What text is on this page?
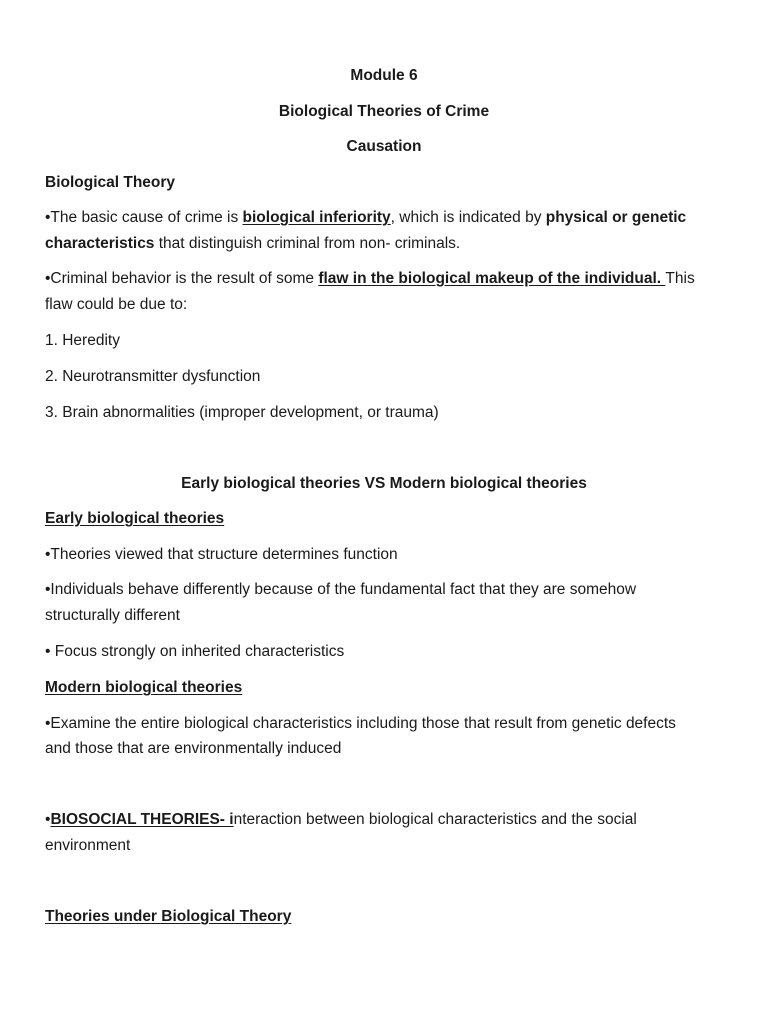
Module 6

Biological Theories of Crime

Causation

Biological Theory

•The basic cause of crime is biological inferiority, which is indicated by physical or genetic

characteristics that distinguish criminal from non- criminals.

•Criminal behavior is the result of some flaw in the biological makeup of the individual. This

flaw could be due to:

1. Heredity

2. Neurotransmitter dysfunction

3. Brain abnormalities (improper development, or trauma)

Early biological theories VS Modern biological theories

Early biological theories

•Theories viewed that structure determines function

•Individuals behave differently because of the fundamental fact that they are somehow

structurally different

• Focus strongly on inherited characteristics

Modern biological theories

•Examine the entire biological characteristics including those that result from genetic defects

and those that are environmentally induced

•BIOSOCIAL THEORIES- interaction between biological characteristics and the social

environment

Theories under Biological Theory
